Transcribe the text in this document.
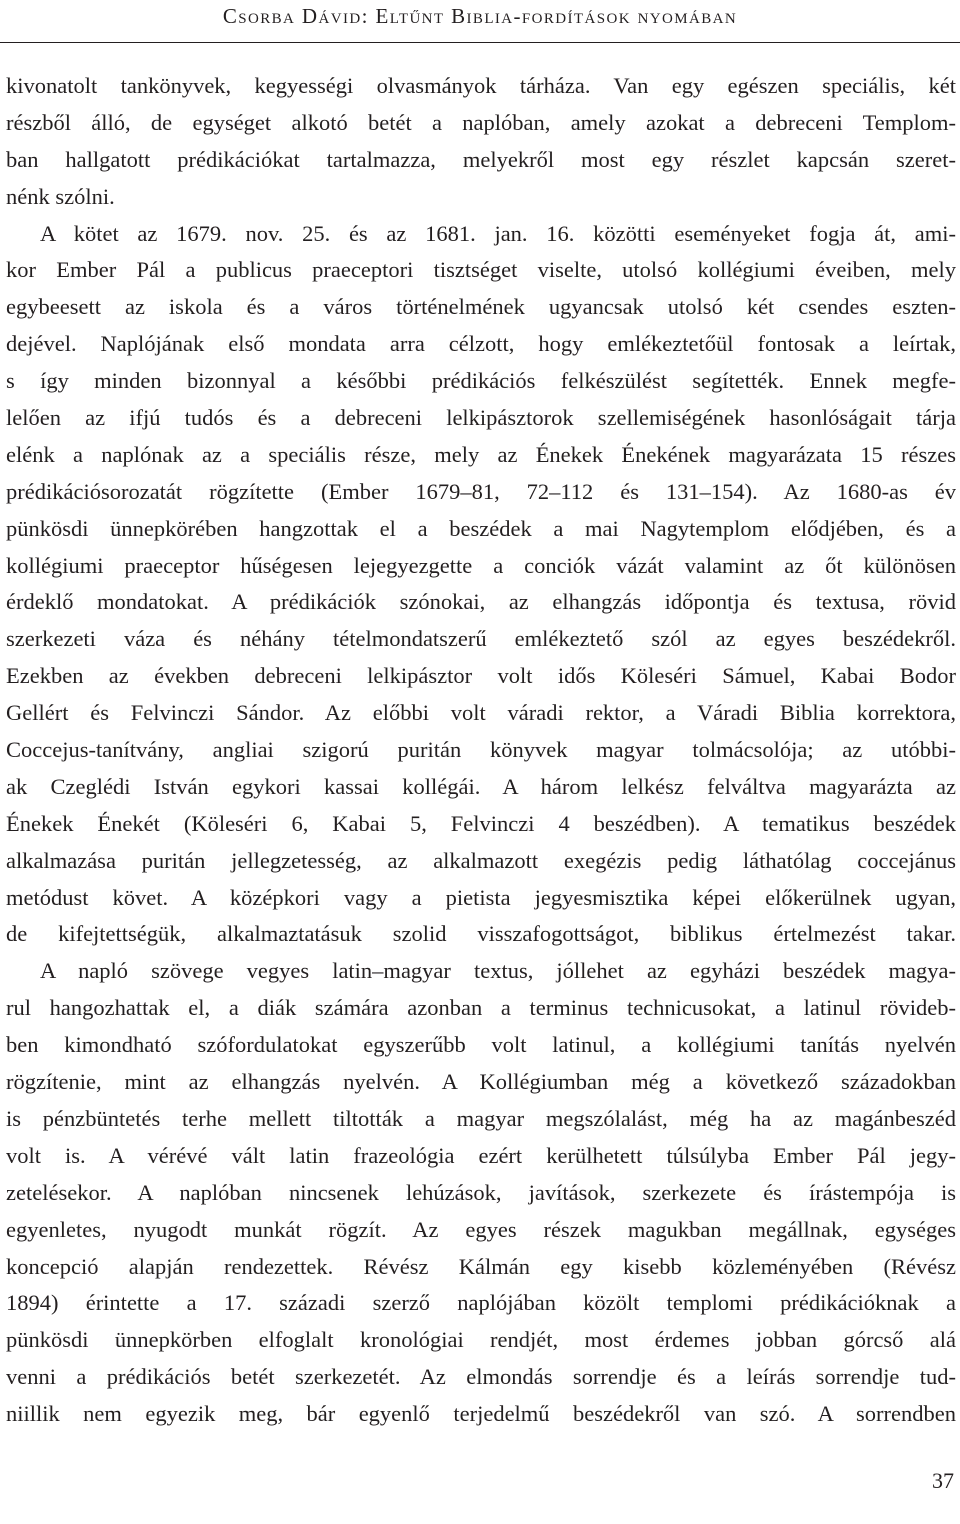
Csorba Dávid: Eltűnt Biblia-fordítások nyomában
kivonatolt tankönyvek, kegyességi olvasmányok tárháza. Van egy egészen speciális, két
részből álló, de egységet alkotó betét a naplóban, amely azokat a debreceni Templom-
ban hallgatott prédikációkat tartalmazza, melyekről most egy részlet kapcsán szeret-
nénk szólni.
A kötet az 1679. nov. 25. és az 1681. jan. 16. közötti eseményeket fogja át, ami-
kor Ember Pál a publicus praeceptori tisztséget viselte, utolsó kollégiumi éveiben, mely
egybeesett az iskola és a város történelmének ugyancsak utolsó két csendes eszten-
dejével. Naplójának első mondata arra célzott, hogy emlékeztetőül fontosak a leírtak,
s így minden bizonnyal a későbbi prédikációs felkészülést segítették. Ennek megfe-
lelően az ifjú tudós és a debreceni lelkipásztorok szellemiségének hasonlóságait tárja
elénk a naplónak az a speciális része, mely az Énekek Énekének magyarázata 15 részes
prédikációsorozatát rögzítette (Ember 1679–81, 72–112 és 131–154). Az 1680-as év
pünkösdi ünnepkörében hangzottak el a beszédek a mai Nagytemplom elődjében, és a
kollégiumi praeceptor hűségesen lejegyezgette a conciók vázát valamint az őt különösen
érdeklő mondatokat. A prédikációk szónokai, az elhangzás időpontja és textusa, rövid
szerkezeti váza és néhány tételmondatszerű emlékeztető szól az egyes beszédekről.
Ezekben az években debreceni lelkipásztor volt idős Köleséri Sámuel, Kabai Bodor
Gellért és Felvinczi Sándor. Az előbbi volt váradi rektor, a Váradi Biblia korrektora,
Coccejus-tanítvány, angliai szigorú puritán könyvek magyar tolmácsolója; az utóbbi-
ak Czeglédi István egykori kassai kollégái. A három lelkész felváltva magyarázta az
Énekek Énekét (Köleséri 6, Kabai 5, Felvinczi 4 beszédben). A tematikus beszédek
alkalmazása puritán jellegzetesség, az alkalmazott exegézis pedig láthatólag coccejánus
metódust követ. A középkori vagy a pietista jegyesmisztika képei előkerülnek ugyan,
de kifejtettségük, alkalmaztatásuk szolid visszafogottságot, biblikus értelmezést takar.
A napló szövege vegyes latin–magyar textus, jóllehet az egyházi beszédek magya-
rul hangozhattak el, a diák számára azonban a terminus technicusokat, a latinul rövideb-
ben kimondható szófordulatokat egyszerűbb volt latinul, a kollégiumi tanítás nyelvén
rögzítenie, mint az elhangzás nyelvén. A Kollégiumban még a következő századokban
is pénzbüntetés terhe mellett tiltották a magyar megszólalást, még ha az magánbeszéd
volt is. A vérévé vált latin frazeológia ezért kerülhetett túlsúlyba Ember Pál jegy-
zetelésekor. A naplóban nincsenek lehúzások, javítások, szerkezete és írástempója is
egyenletes, nyugodt munkát rögzít. Az egyes részek magukban megállnak, egységes
koncepció alapján rendezettek. Révész Kálmán egy kisebb közleményében (Révész
1894) érintette a 17. századi szerző naplójában közölt templomi prédikációknak a
pünkösdi ünnepkörben elfoglalt kronológiai rendjét, most érdemes jobban górcső alá
venni a prédikációs betét szerkezetét. Az elmondás sorrendje és a leírás sorrendje tud-
niillik nem egyezik meg, bár egyenlő terjedelmű beszédekről van szó. A sorrendben
37
